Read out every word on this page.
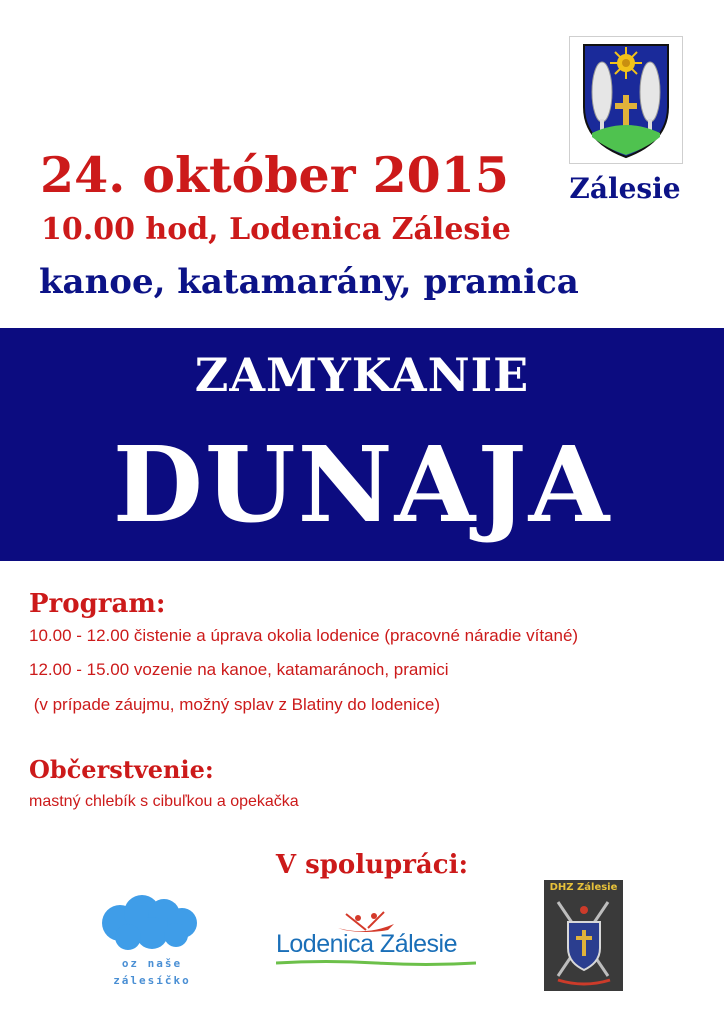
Zálesie
24. október 2015
10.00 hod, Lodenica Zálesie
kanoe, katamarány, pramica
ZAMYKANIE
DUNAJA
Program:
10.00 - 12.00 čistenie a úprava okolia lodenice (pracovné náradie vítané)
12.00 - 15.00 vozenie na kanoe, katamaránoch, pramici
(v prípade záujmu, možný splav z Blatiny do lodenice)
Občerstvenie:
mastný chlebík s cibuľkou a opekačka
V spolupráci:
oz naše
zálesíčko
Lodenica Zálesie
DHZ Zálesie
